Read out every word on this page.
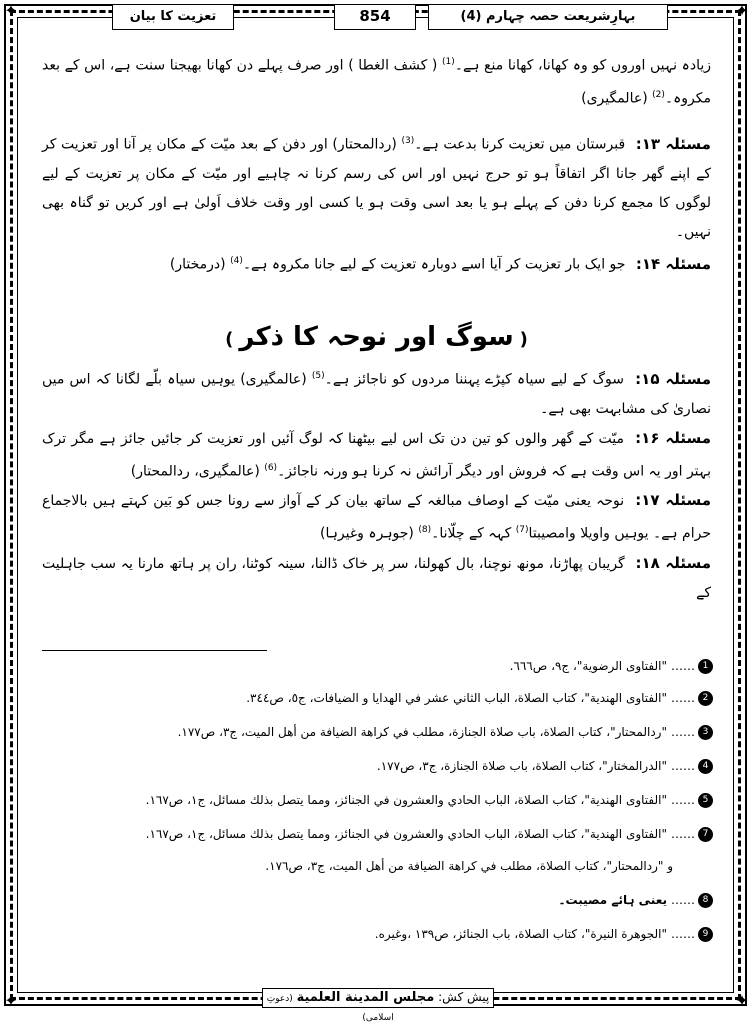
✦	✦
✦	✦
تعزیت کا بیان	854	بہارِشریعت حصہ چہارم (4)

زیادہ نہیں اوروں کو وہ کھانا، کھانا منع ہے۔$^{(1)}$ ( کشف الغطا ) اور صرف پہلے دن کھانا بھیجنا سنت ہے، اس کے بعد مکروہ۔$^{(2)}$ (عالمگیری)

مسئلہ ۱۳: قبرستان میں تعزیت کرنا بدعت ہے۔$^{(3)}$ (ردالمحتار) اور دفن کے بعد میّت کے مکان پر آنا اور تعزیت کر کے اپنے گھر جانا اگر اتفاقاً ہو تو حرج نہیں اور اس کی رسم کرنا نہ چاہیے اور میّت کے مکان پر تعزیت کے لیے لوگوں کا مجمع کرنا دفن کے پہلے ہو یا بعد اسی وقت ہو یا کسی اور وقت خلاف اَولیٰ ہے اور کریں تو گناہ بھی نہیں۔

مسئلہ ۱۴: جو ایک بار تعزیت کر آیا اسے دوبارہ تعزیت کے لیے جانا مکروہ ہے۔$^{(4)}$ (درمختار)

(سوگ اور نوحہ کا ذکر)

مسئلہ ۱۵: سوگ کے لیے سیاہ کپڑے پہننا مردوں کو ناجائز ہے۔$^{(5)}$ (عالمگیری) یوہیں سیاہ بلّے لگانا کہ اس میں نصاریٰ کی مشابہت بھی ہے۔

مسئلہ ۱۶: میّت کے گھر والوں کو تین دن تک اس لیے بیٹھنا کہ لوگ آئیں اور تعزیت کر جائیں جائز ہے مگر ترک بہتر اور یہ اس وقت ہے کہ فروش اور دیگر آرائش نہ کرنا ہو ورنہ ناجائز۔$^{(6)}$ (عالمگیری، ردالمحتار)

مسئلہ ۱۷: نوحہ یعنی میّت کے اوصاف مبالغہ کے ساتھ بیان کر کے آواز سے رونا جس کو بَین کہتے ہیں بالاجماع حرام ہے۔ یوہیں واویلا وامصیبتا$^{(7)}$ کہہ کے چلّانا۔$^{(8)}$ (جوہرہ وغیرہا)

مسئلہ ۱۸: گریبان پھاڑنا، مونھ نوچنا، بال کھولنا، سر پر خاک ڈالنا، سینہ کوٹنا، ران پر ہاتھ مارنا یہ سب جاہلیت کے

1……"الفتاوی الرضویة"، ج۹، ص٦٦٦.
2……"الفتاوی الهندیة"، كتاب الصلاة، الباب الثاني عشر في الهدايا و الضيافات، ج٥، ص٣٤٤.
3……"ردالمحتار"، كتاب الصلاة، باب صلاة الجنازة، مطلب في كراهة الضيافة من أهل الميت، ج٣، ص١٧٧.
4……"الدرالمختار"، كتاب الصلاة، باب صلاة الجنازة، ج٣، ص١٧٧.
5……"الفتاوی الهندیة"، كتاب الصلاة، الباب الحادي والعشرون في الجنائز، ومما يتصل بذلك مسائل، ج١، ص١٦٧.
7……"الفتاوی الهندیة"، كتاب الصلاة، الباب الحادي والعشرون في الجنائز، ومما يتصل بذلك مسائل، ج١، ص١٦٧.
و "ردالمحتار"، كتاب الصلاة، مطلب في كراهة الضيافة من أهل الميت، ج٣، ص١٧٦.
8……یعنی ہائے مصیبت۔
9……"الجوهرة النيرة"، كتاب الصلاة، باب الجنائز، ص١٣٩ ،وغيره.
پیش کش: مجلس المدينة العلمية (دعوتِ اسلامی)
